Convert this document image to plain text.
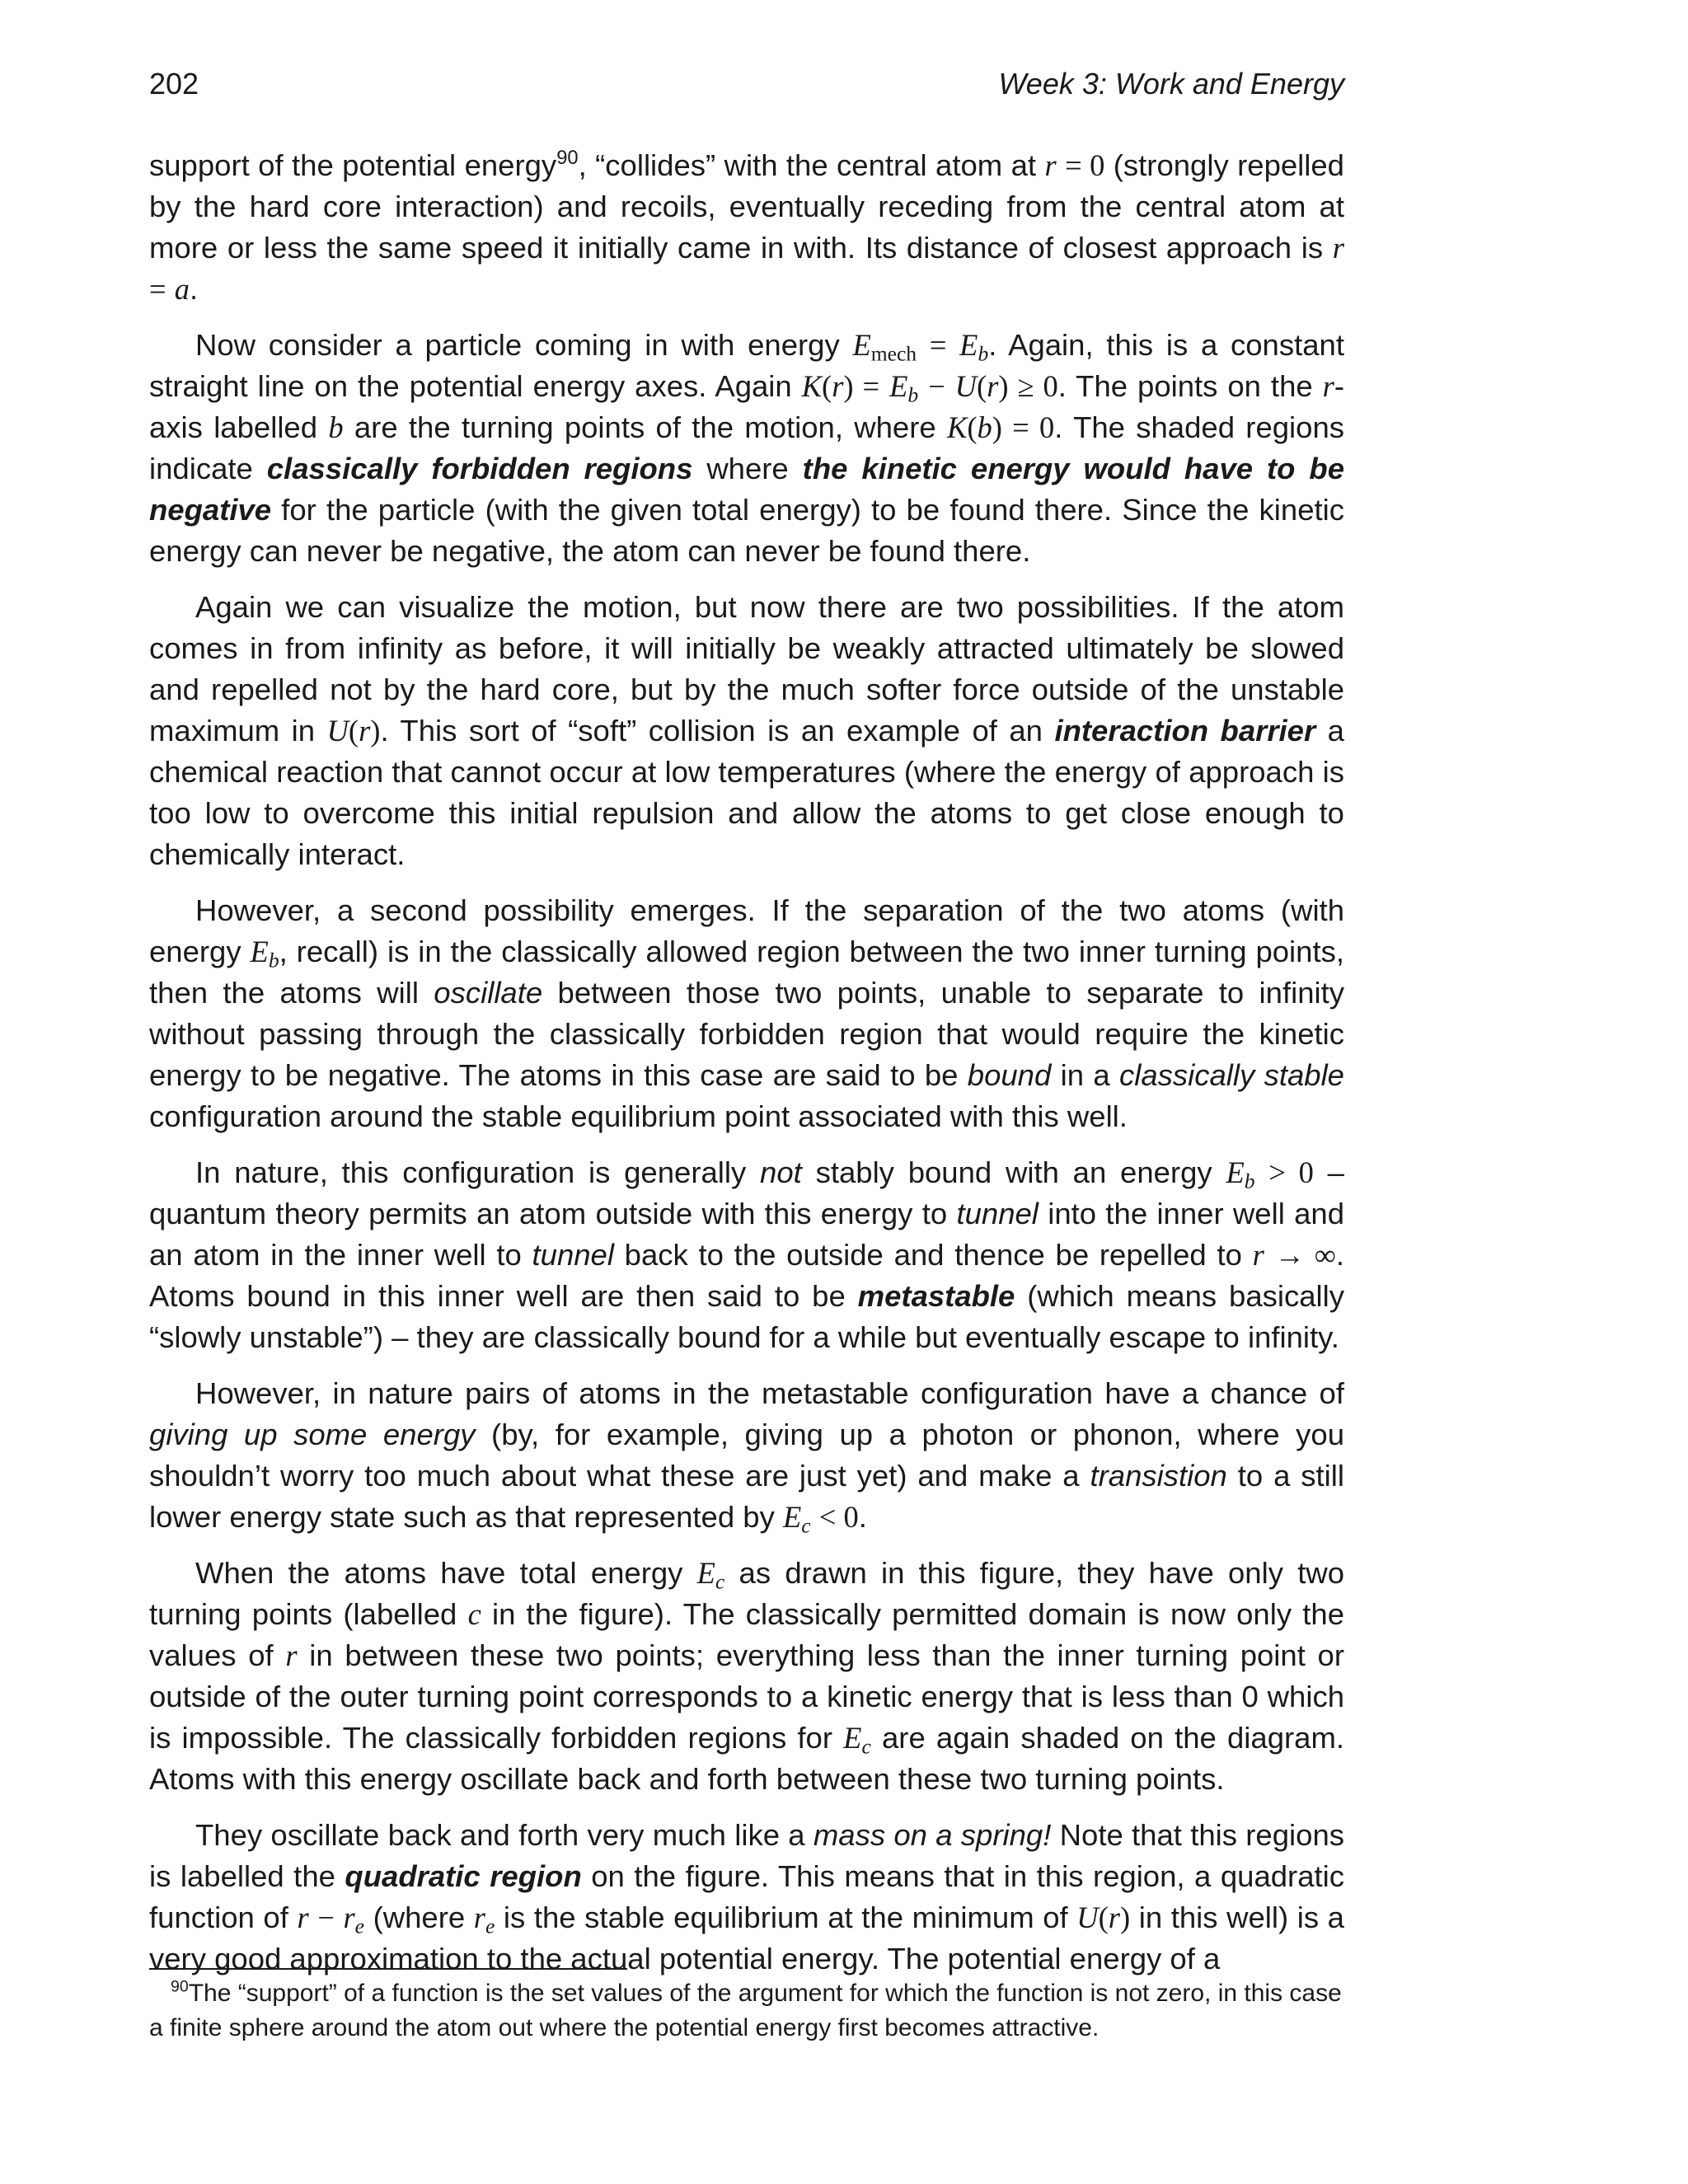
202	Week 3: Work and Energy

support of the potential energy$^{90}$, “collides” with the central atom at r = 0 (strongly repelled by the hard core interaction) and recoils, eventually receding from the central atom at more or less the same speed it initially came in with. Its distance of closest approach is r = a.

Now consider a particle coming in with energy $E_{mech} = E_b$. Again, this is a constant straight line on the potential energy axes. Again $K(r) = E_b - U(r) \ge 0$. The points on the r-axis labelled b are the turning points of the motion, where K(b) = 0. The shaded regions indicate classically forbidden regions where the kinetic energy would have to be negative for the particle (with the given total energy) to be found there. Since the kinetic energy can never be negative, the atom can never be found there.

Again we can visualize the motion, but now there are two possibilities. If the atom comes in from infinity as before, it will initially be weakly attracted ultimately be slowed and repelled not by the hard core, but by the much softer force outside of the unstable maximum in U(r). This sort of “soft” collision is an example of an interaction barrier a chemical reaction that cannot occur at low temperatures (where the energy of approach is too low to overcome this initial repulsion and allow the atoms to get close enough to chemically interact.

However, a second possibility emerges. If the separation of the two atoms (with energy $E_b$, recall) is in the classically allowed region between the two inner turning points, then the atoms will oscillate between those two points, unable to separate to infinity without passing through the classically forbidden region that would require the kinetic energy to be negative. The atoms in this case are said to be bound in a classically stable configuration around the stable equilibrium point associated with this well.

In nature, this configuration is generally not stably bound with an energy $E_b > 0$ – quantum theory permits an atom outside with this energy to tunnel into the inner well and an atom in the inner well to tunnel back to the outside and thence be repelled to r → ∞. Atoms bound in this inner well are then said to be metastable (which means basically “slowly unstable”) – they are classically bound for a while but eventually escape to infinity.

However, in nature pairs of atoms in the metastable configuration have a chance of giving up some energy (by, for example, giving up a photon or phonon, where you shouldn’t worry too much about what these are just yet) and make a transistion to a still lower energy state such as that represented by $E_c < 0$.

When the atoms have total energy $E_c$ as drawn in this figure, they have only two turning points (labelled c in the figure). The classically permitted domain is now only the values of r in between these two points; everything less than the inner turning point or outside of the outer turning point corresponds to a kinetic energy that is less than 0 which is impossible. The classically forbidden regions for $E_c$ are again shaded on the diagram. Atoms with this energy oscillate back and forth between these two turning points.

They oscillate back and forth very much like a mass on a spring! Note that this regions is labelled the quadratic region on the figure. This means that in this region, a quadratic function of $r - r_e$ (where $r_e$ is the stable equilibrium at the minimum of U(r) in this well) is a very good approximation to the actual potential energy. The potential energy of a

$^{90}$The “support” of a function is the set values of the argument for which the function is not zero, in this case a finite sphere around the atom out where the potential energy first becomes attractive.
